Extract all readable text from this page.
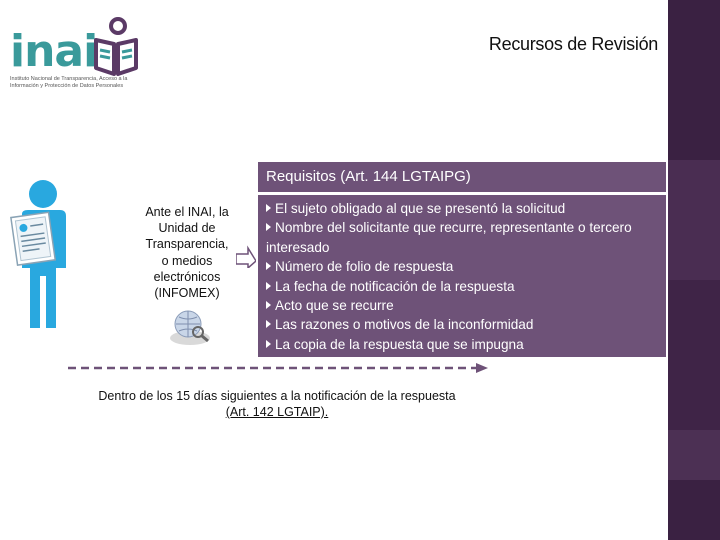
inai
Instituto Nacional de Transparencia, Acceso a la Información y Protección de Datos Personales
Recursos de Revisión
Ante el INAI, la
Unidad de
Transparencia,
o medios
electrónicos
(INFOMEX)
Requisitos (Art. 144 LGTAIPG)
El sujeto obligado al que se presentó la solicitud
Nombre del solicitante que recurre, representante o tercero interesado
Número de folio de respuesta
La fecha de notificación de la respuesta
Acto que se recurre
Las razones o motivos de la inconformidad
La copia de la respuesta que se impugna
Dentro de los 15 días siguientes a la notificación de la respuesta
(Art. 142 LGTAIP).
